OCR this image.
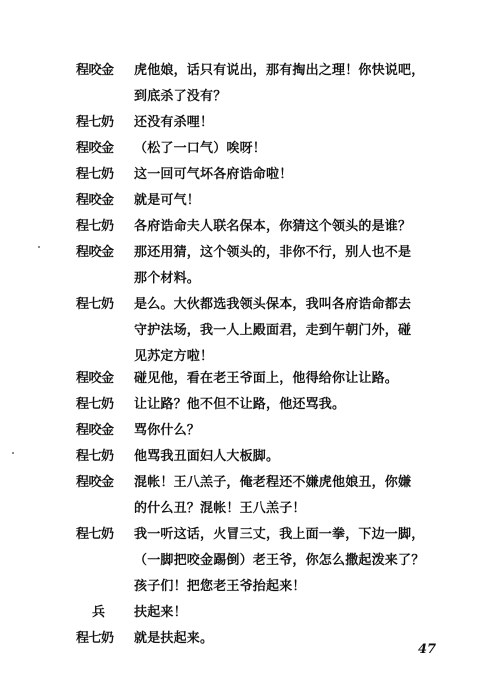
程咬金	虎他娘，话只有说出，那有掏出之理！你快说吧，
到底杀了没有？
程七奶	还没有杀哩！
程咬金	（松了一口气）唉呀！
程七奶	这一回可气坏各府诰命啦！
程咬金	就是可气！
程七奶	各府诰命夫人联名保本，你猜这个领头的是谁？
程咬金	那还用猜，这个领头的，非你不行，别人也不是
那个材料。
程七奶	是么。大伙都选我领头保本，我叫各府诰命都去
守护法场，我一人上殿面君，走到午朝门外，碰
见苏定方啦！
程咬金	碰见他，看在老王爷面上，他得给你让让路。
程七奶	让让路？他不但不让路，他还骂我。
程咬金	骂你什么？
程七奶	他骂我丑面妇人大板脚。
程咬金	混帐！王八羔子，俺老程还不嫌虎他娘丑，你嫌
的什么丑？混帐！王八羔子！
程七奶	我一听这话，火冒三丈，我上面一拳，下边一脚，
（一脚把咬金踢倒）老王爷，你怎么撒起泼来了？
孩子们！把您老王爷抬起来！
兵	扶起来！
程七奶	就是扶起来。
47
